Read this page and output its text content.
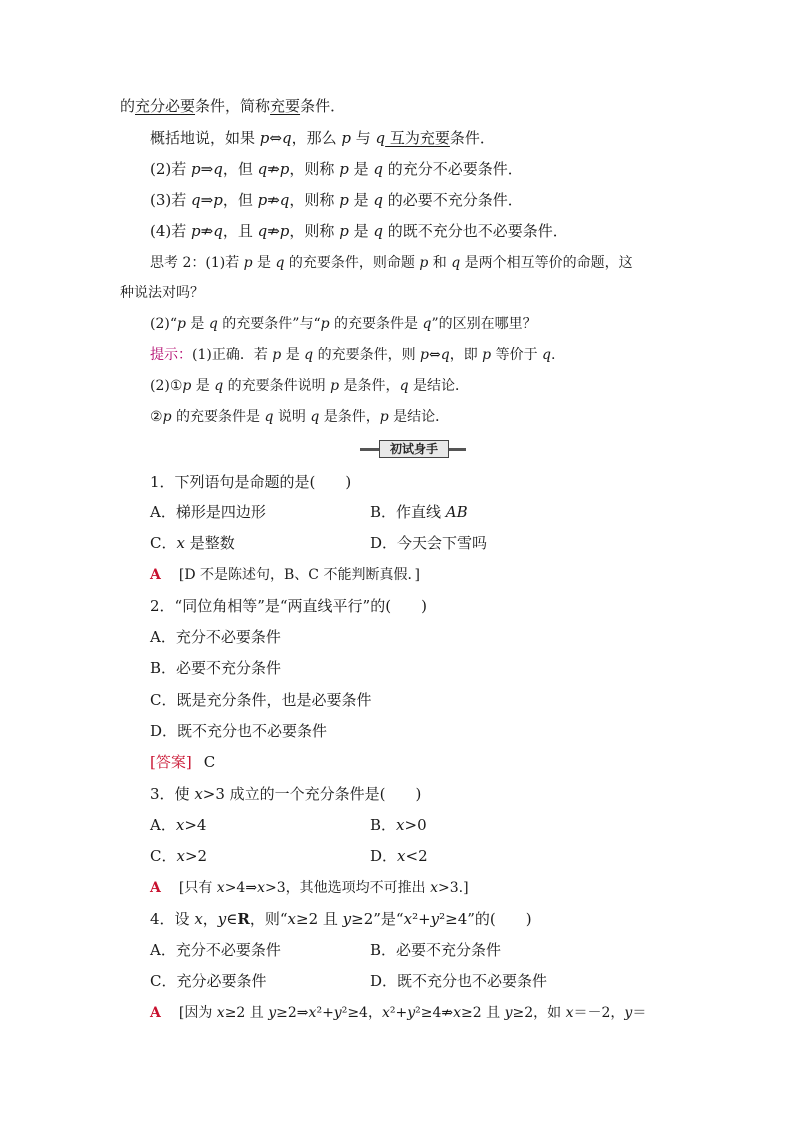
的充分必要条件，简称充要条件．
概括地说，如果 p⇔q，那么 p 与 q 互为充要条件．
(2)若 p⇒q，但 q⇏p，则称 p 是 q 的充分不必要条件．
(3)若 q⇒p，但 p⇏q，则称 p 是 q 的必要不充分条件．
(4)若 p⇏q，且 q⇏p，则称 p 是 q 的既不充分也不必要条件．
思考 2：(1)若 p 是 q 的充要条件，则命题 p 和 q 是两个相互等价的命题，这
种说法对吗？
(2)“p 是 q 的充要条件”与“p 的充要条件是 q”的区别在哪里？
提示：(1)正确．若 p 是 q 的充要条件，则 p⇔q，即 p 等价于 q.
(2)①p 是 q 的充要条件说明 p 是条件，q 是结论．
②p 的充要条件是 q 说明 q 是条件，p 是结论．
初试身手
1．下列语句是命题的是(　　)
A．梯形是四边形	B．作直线 AB
C．x 是整数	D．今天会下雪吗
A [D 不是陈述句，B、C 不能判断真假．]
2．“同位角相等”是“两直线平行”的(　　)
A．充分不必要条件
B．必要不充分条件
C．既是充分条件，也是必要条件
D．既不充分也不必要条件
[答案] C
3．使 x>3 成立的一个充分条件是(　　)
A．x>4	B．x>0
C．x>2	D．x<2
A [只有 x>4⇒x>3，其他选项均不可推出 x>3.]
4．设 x，y∈R，则“x≥2 且 y≥2”是“x²+y²≥4”的(　　)
A．充分不必要条件	B．必要不充分条件
C．充分必要条件	D．既不充分也不必要条件
A [因为 x≥2 且 y≥2⇒x²+y²≥4，x²+y²≥4⇏x≥2 且 y≥2，如 x＝－2，y＝
